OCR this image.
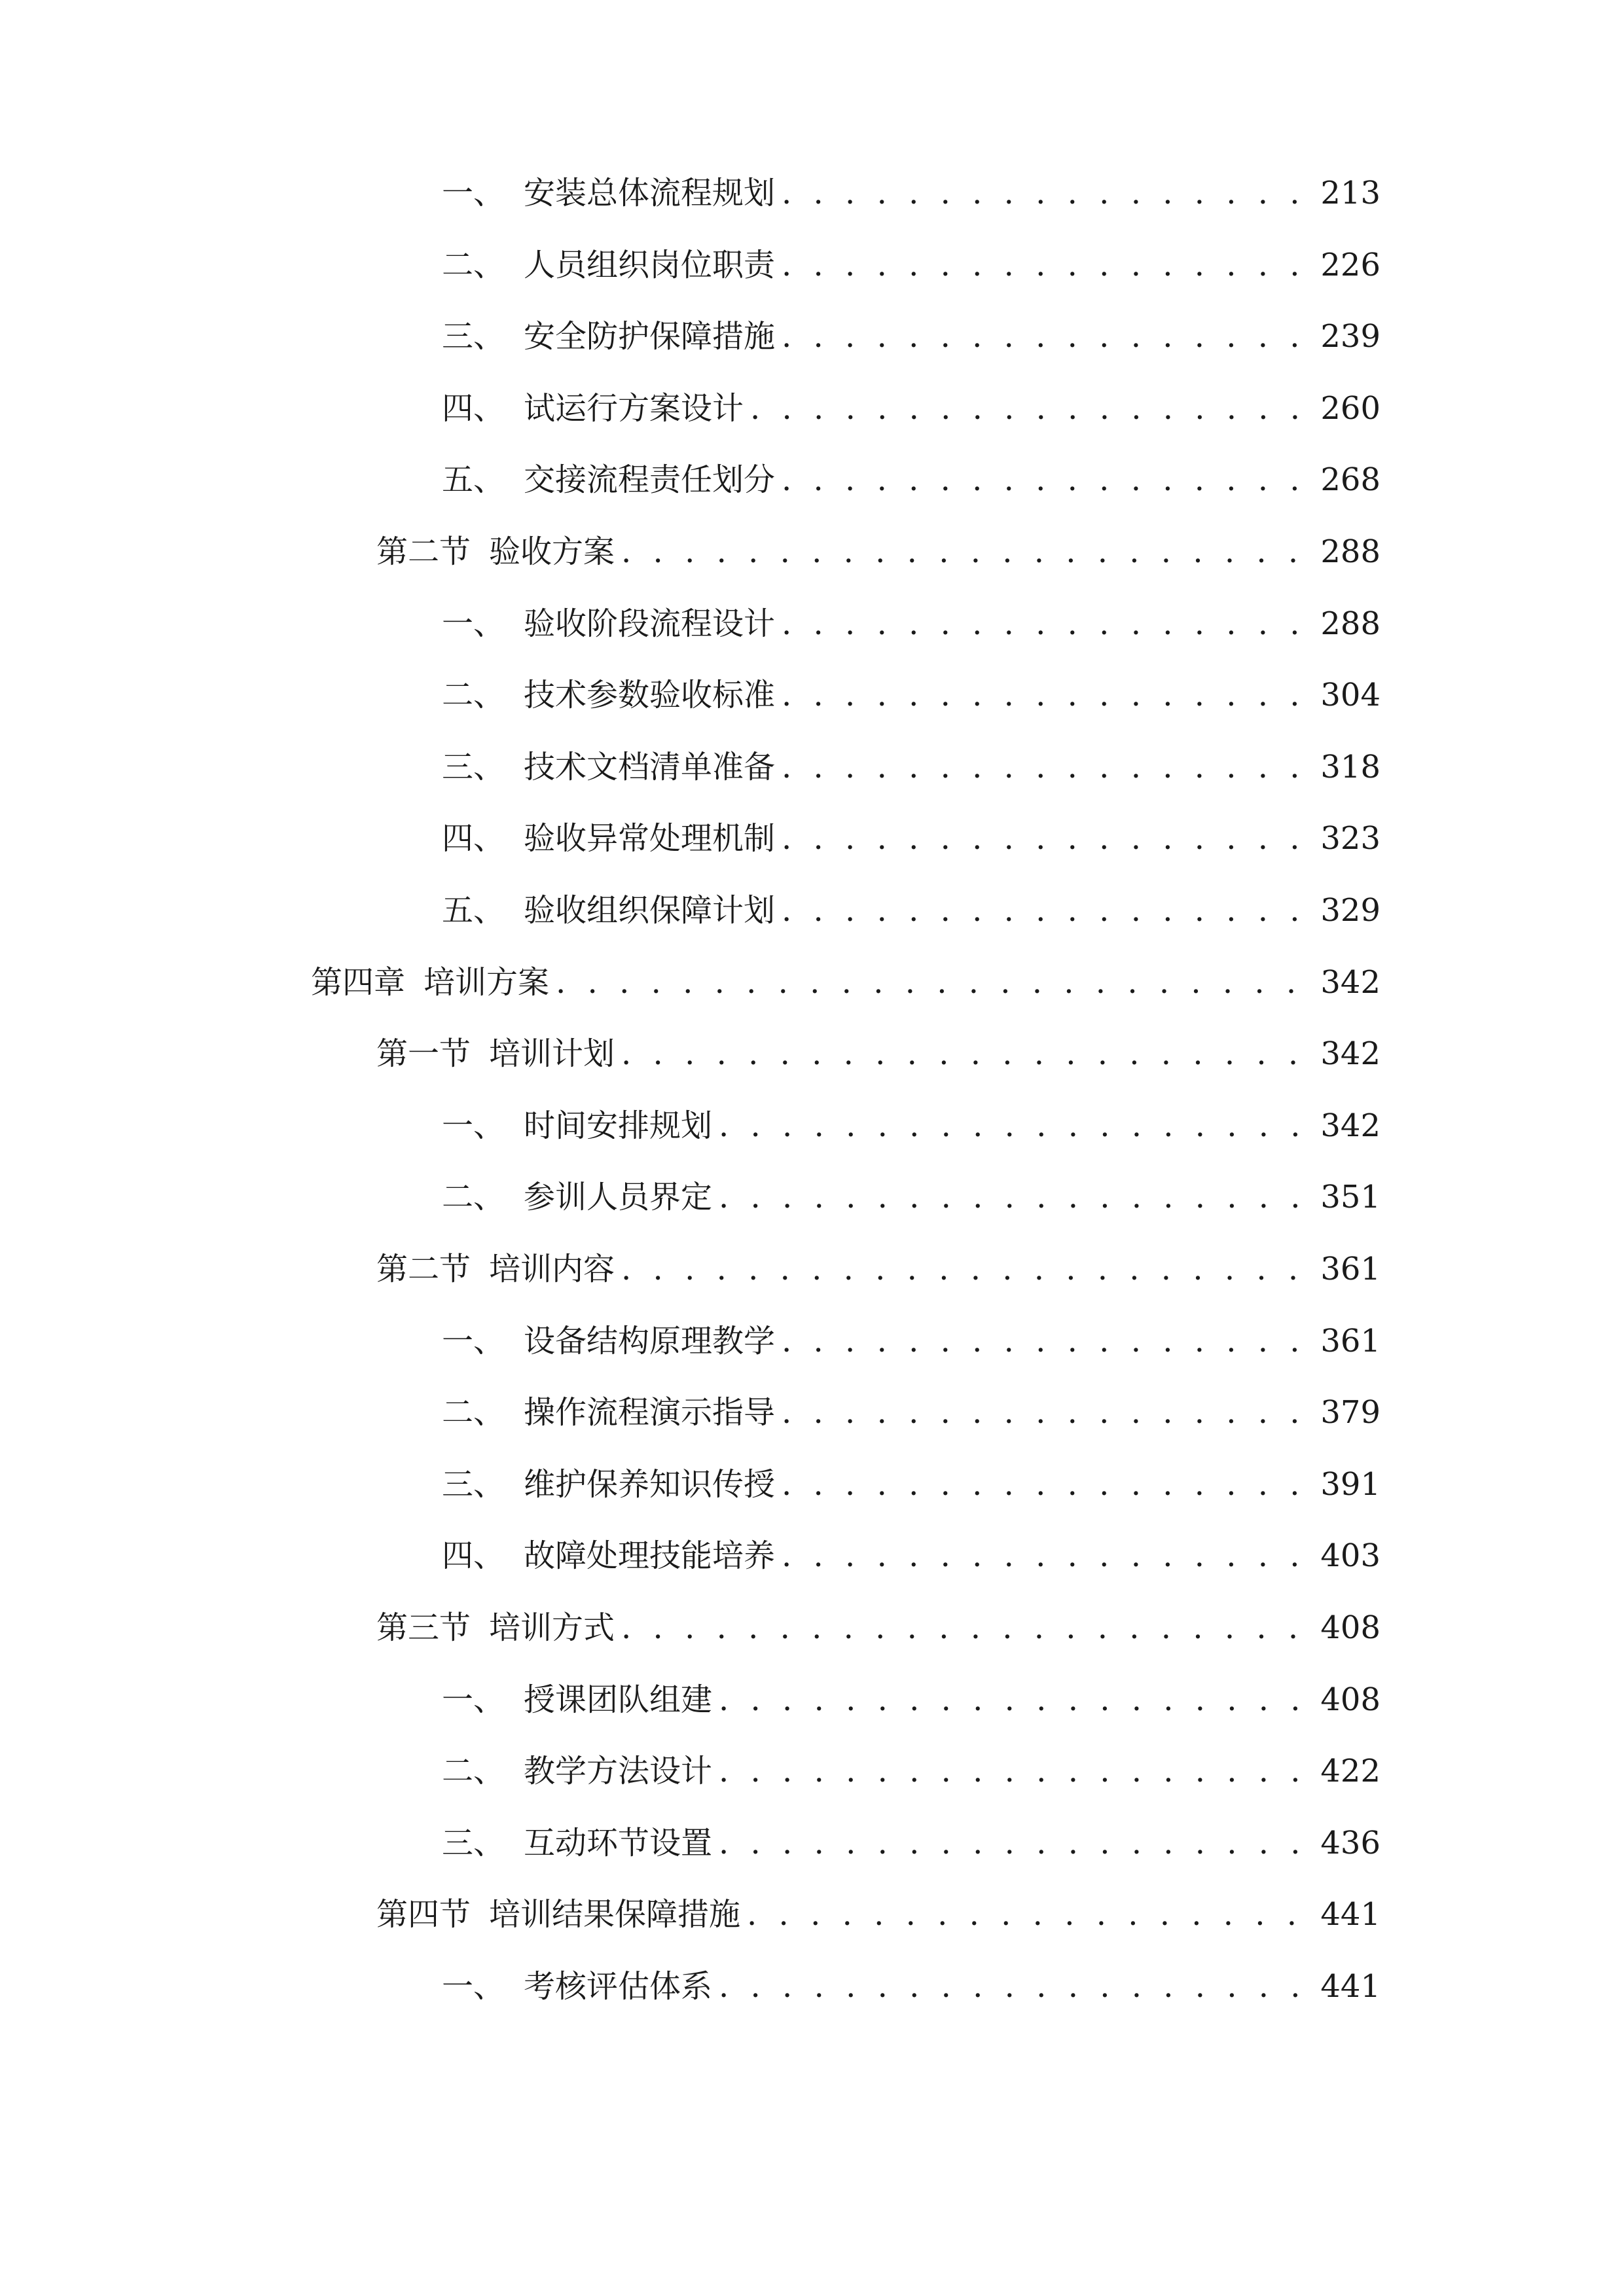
一、 安装总体流程规划 . . .	213
二、 人员组织岗位职责 . . .	226
三、 安全防护保障措施 . . .	239
四、 试运行方案设计 . . .	260
五、 交接流程责任划分 . . .	268
第二节 验收方案 . . .	288
一、 验收阶段流程设计 . . .	288
二、 技术参数验收标准 . . .	304
三、 技术文档清单准备 . . .	318
四、 验收异常处理机制 . . .	323
五、 验收组织保障计划 . . .	329
第四章 培训方案 . . .	342
第一节 培训计划 . . .	342
一、 时间安排规划 . . .	342
二、 参训人员界定 . . .	351
第二节 培训内容 . . .	361
一、 设备结构原理教学 . . .	361
二、 操作流程演示指导 . . .	379
三、 维护保养知识传授 . . .	391
四、 故障处理技能培养 . . .	403
第三节 培训方式 . . .	408
一、 授课团队组建 . . .	408
二、 教学方法设计 . . .	422
三、 互动环节设置 . . .	436
第四节 培训结果保障措施 . . .	441
一、 考核评估体系 . . .	441
